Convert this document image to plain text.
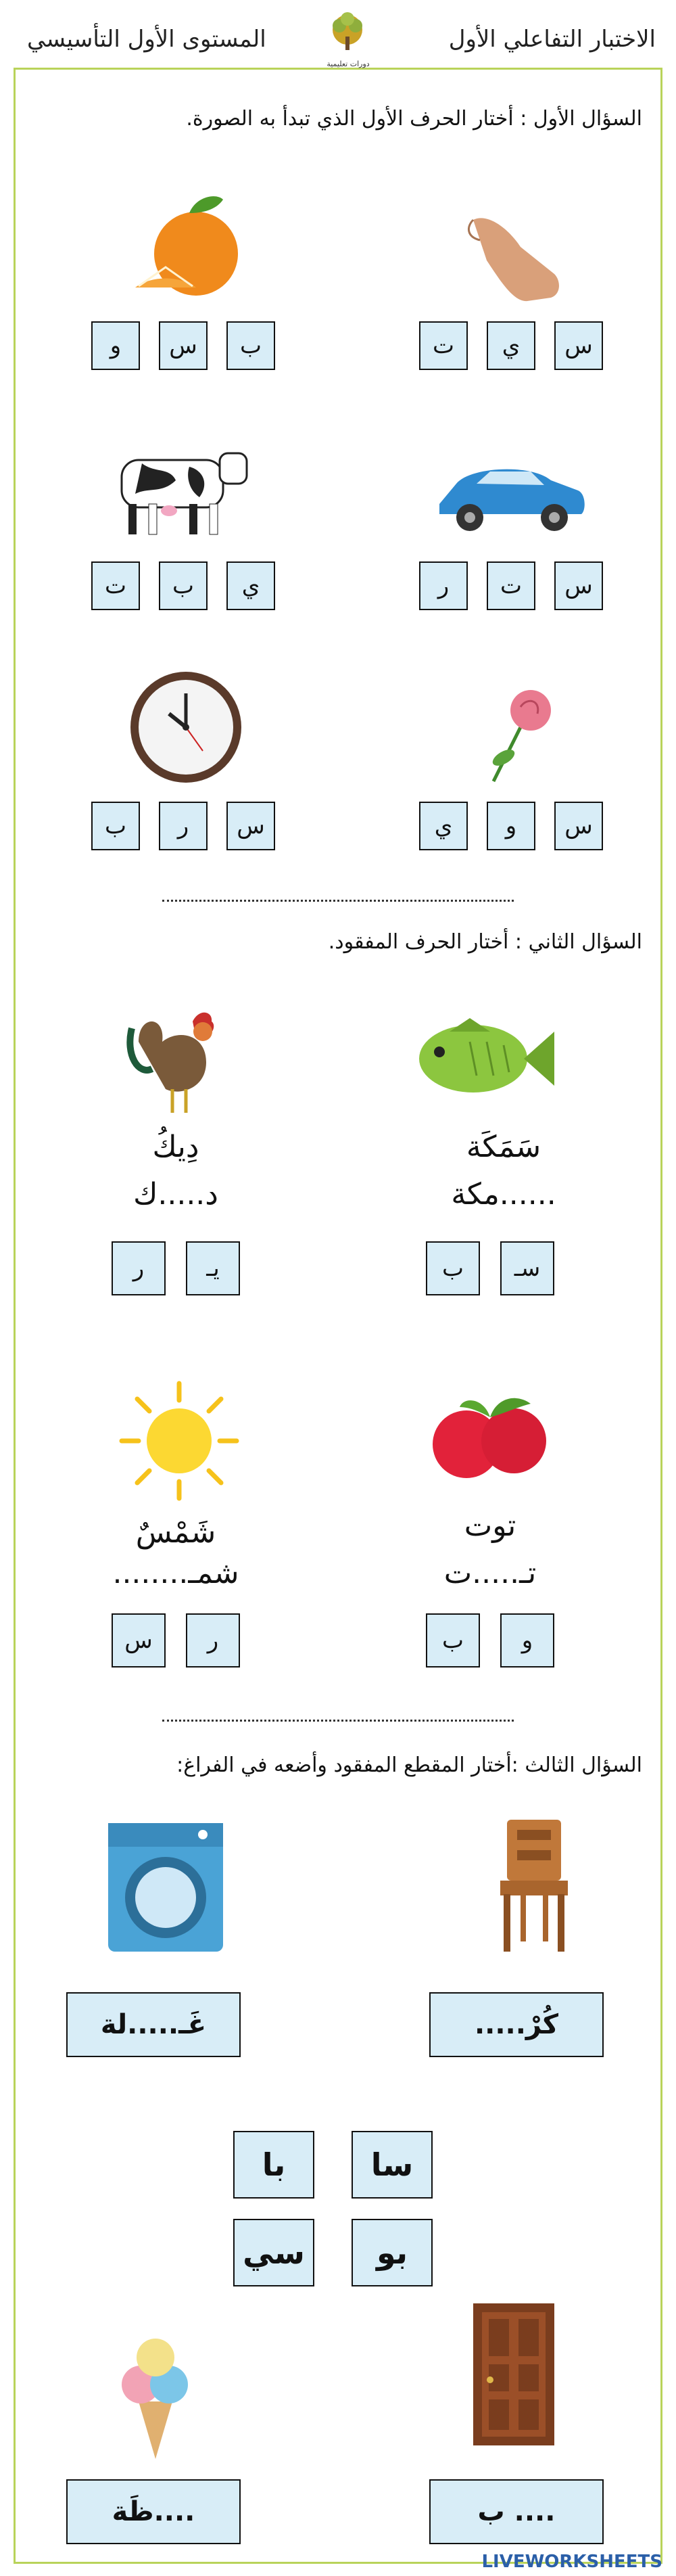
الاختبار التفاعلي الأول
المستوى الأول التأسيسي
دورات تعليمية
السؤال الأول : أختار الحرف الأول الذي تبدأ به الصورة.
س
ي
ت
ب
س
و
س
ت
ر
ي
ب
ت
س
و
ي
س
ر
ب
السؤال الثاني : أختار الحرف المفقود.
سَمَكَة
......مكة
دِيكُ
د.....ك
سـ
ب
يـ
ر
توت
تـ.....ت
شَمْسٌ
شمـ........
و
ب
ر
س
السؤال الثالث :أختار المقطع المفقود وأضعه في الفراغ:
كُرْ.....
غَـ.....لة
سا
با
بو
سي
.... ب
....ظَة
LIVEWORKSHEETS
